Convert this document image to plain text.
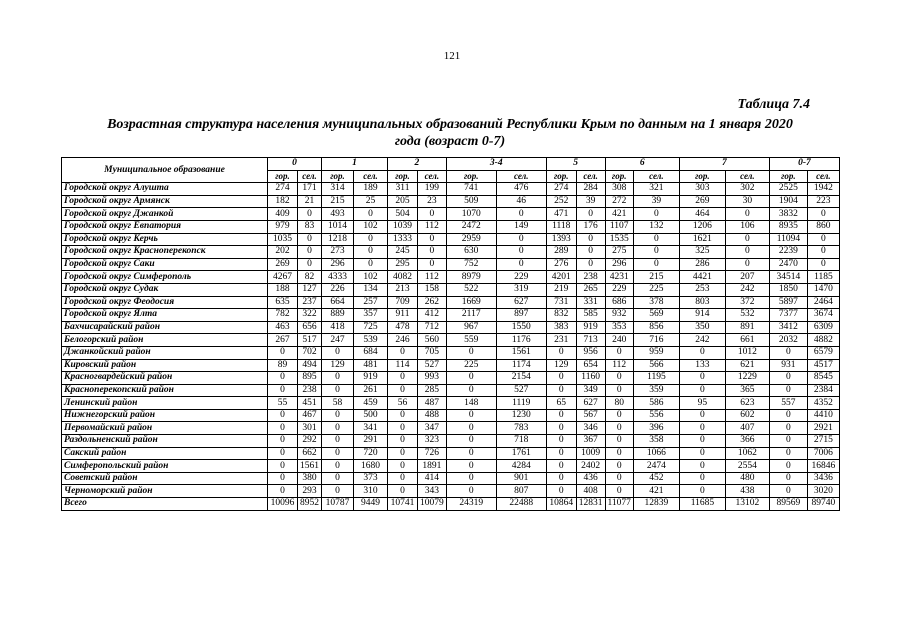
121
Таблица 7.4
Возрастная структура населения муниципальных образований Республики Крым по данным на 1 января 2020
года (возраст 0-7)
Муниципальное образование	0		1		2		3-4		5		6		7		0-7	
	гор.	сел.	гор.	сел.	гор.	сел.	гор.	сел.	гор.	сел.	гор.	сел.	гор.	сел.	гор.	сел.
Городской округ Алушта	274	171	314	189	311	199	741	476	274	284	308	321	303	302	2525	1942
Городской округ Армянск	182	21	215	25	205	23	509	46	252	39	272	39	269	30	1904	223
Городской округ Джанкой	409	0	493	0	504	0	1070	0	471	0	421	0	464	0	3832	0
Городской округ Евпатория	979	83	1014	102	1039	112	2472	149	1118	176	1107	132	1206	106	8935	860
Городской округ Керчь	1035	0	1218	0	1333	0	2959	0	1393	0	1535	0	1621	0	11094	0
Городской округ Красноперекопск	202	0	273	0	245	0	630	0	289	0	275	0	325	0	2239	0
Городской округ Саки	269	0	296	0	295	0	752	0	276	0	296	0	286	0	2470	0
Городской округ Симферополь	4267	82	4333	102	4082	112	8979	229	4201	238	4231	215	4421	207	34514	1185
Городской округ Судак	188	127	226	134	213	158	522	319	219	265	229	225	253	242	1850	1470
Городской округ Феодосия	635	237	664	257	709	262	1669	627	731	331	686	378	803	372	5897	2464
Городской округ Ялта	782	322	889	357	911	412	2117	897	832	585	932	569	914	532	7377	3674
Бахчисарайский район	463	656	418	725	478	712	967	1550	383	919	353	856	350	891	3412	6309
Белогорский район	267	517	247	539	246	560	559	1176	231	713	240	716	242	661	2032	4882
Джанкойский район	0	702	0	684	0	705	0	1561	0	956	0	959	0	1012	0	6579
Кировский район	89	494	129	481	114	527	225	1174	129	654	112	566	133	621	931	4517
Красногвардейский район	0	895	0	919	0	993	0	2154	0	1160	0	1195	0	1229	0	8545
Красноперекопский район	0	238	0	261	0	285	0	527	0	349	0	359	0	365	0	2384
Ленинский район	55	451	58	459	56	487	148	1119	65	627	80	586	95	623	557	4352
Нижнегорский район	0	467	0	500	0	488	0	1230	0	567	0	556	0	602	0	4410
Первомайский район	0	301	0	341	0	347	0	783	0	346	0	396	0	407	0	2921
Раздольненский район	0	292	0	291	0	323	0	718	0	367	0	358	0	366	0	2715
Сакский район	0	662	0	720	0	726	0	1761	0	1009	0	1066	0	1062	0	7006
Симферопольский район	0	1561	0	1680	0	1891	0	4284	0	2402	0	2474	0	2554	0	16846
Советский район	0	380	0	373	0	414	0	901	0	436	0	452	0	480	0	3436
Черноморский район	0	293	0	310	0	343	0	807	0	408	0	421	0	438	0	3020
Всего	10096	8952	10787	9449	10741	10079	24319	22488	10864	12831	11077	12839	11685	13102	89569	89740
